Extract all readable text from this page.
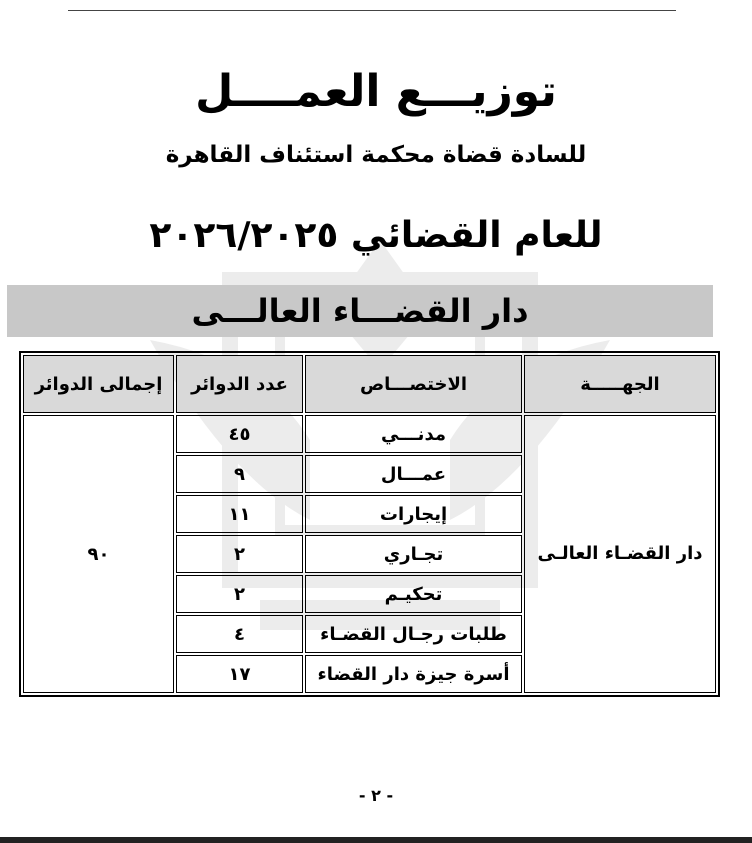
توزيـــع العمــــل
للسادة قضاة محكمة استئناف القاهرة
للعام القضائي ٢٠٢٦/٢٠٢٥
دار القضـــاء العالـــى
الجهـــــة	الاختصـــاص	عدد الدوائر	إجمالى الدوائر
دار القضـاء العالـى	مدنـــي	٤٥	٩٠
	عمـــال	٩	
	إيجارات	١١	
	تجـاري	٢	
	تحكيـم	٢	
	طلبات رجـال القضـاء	٤	
	أسرة جيزة دار القضاء	١٧	
- ٢ -
